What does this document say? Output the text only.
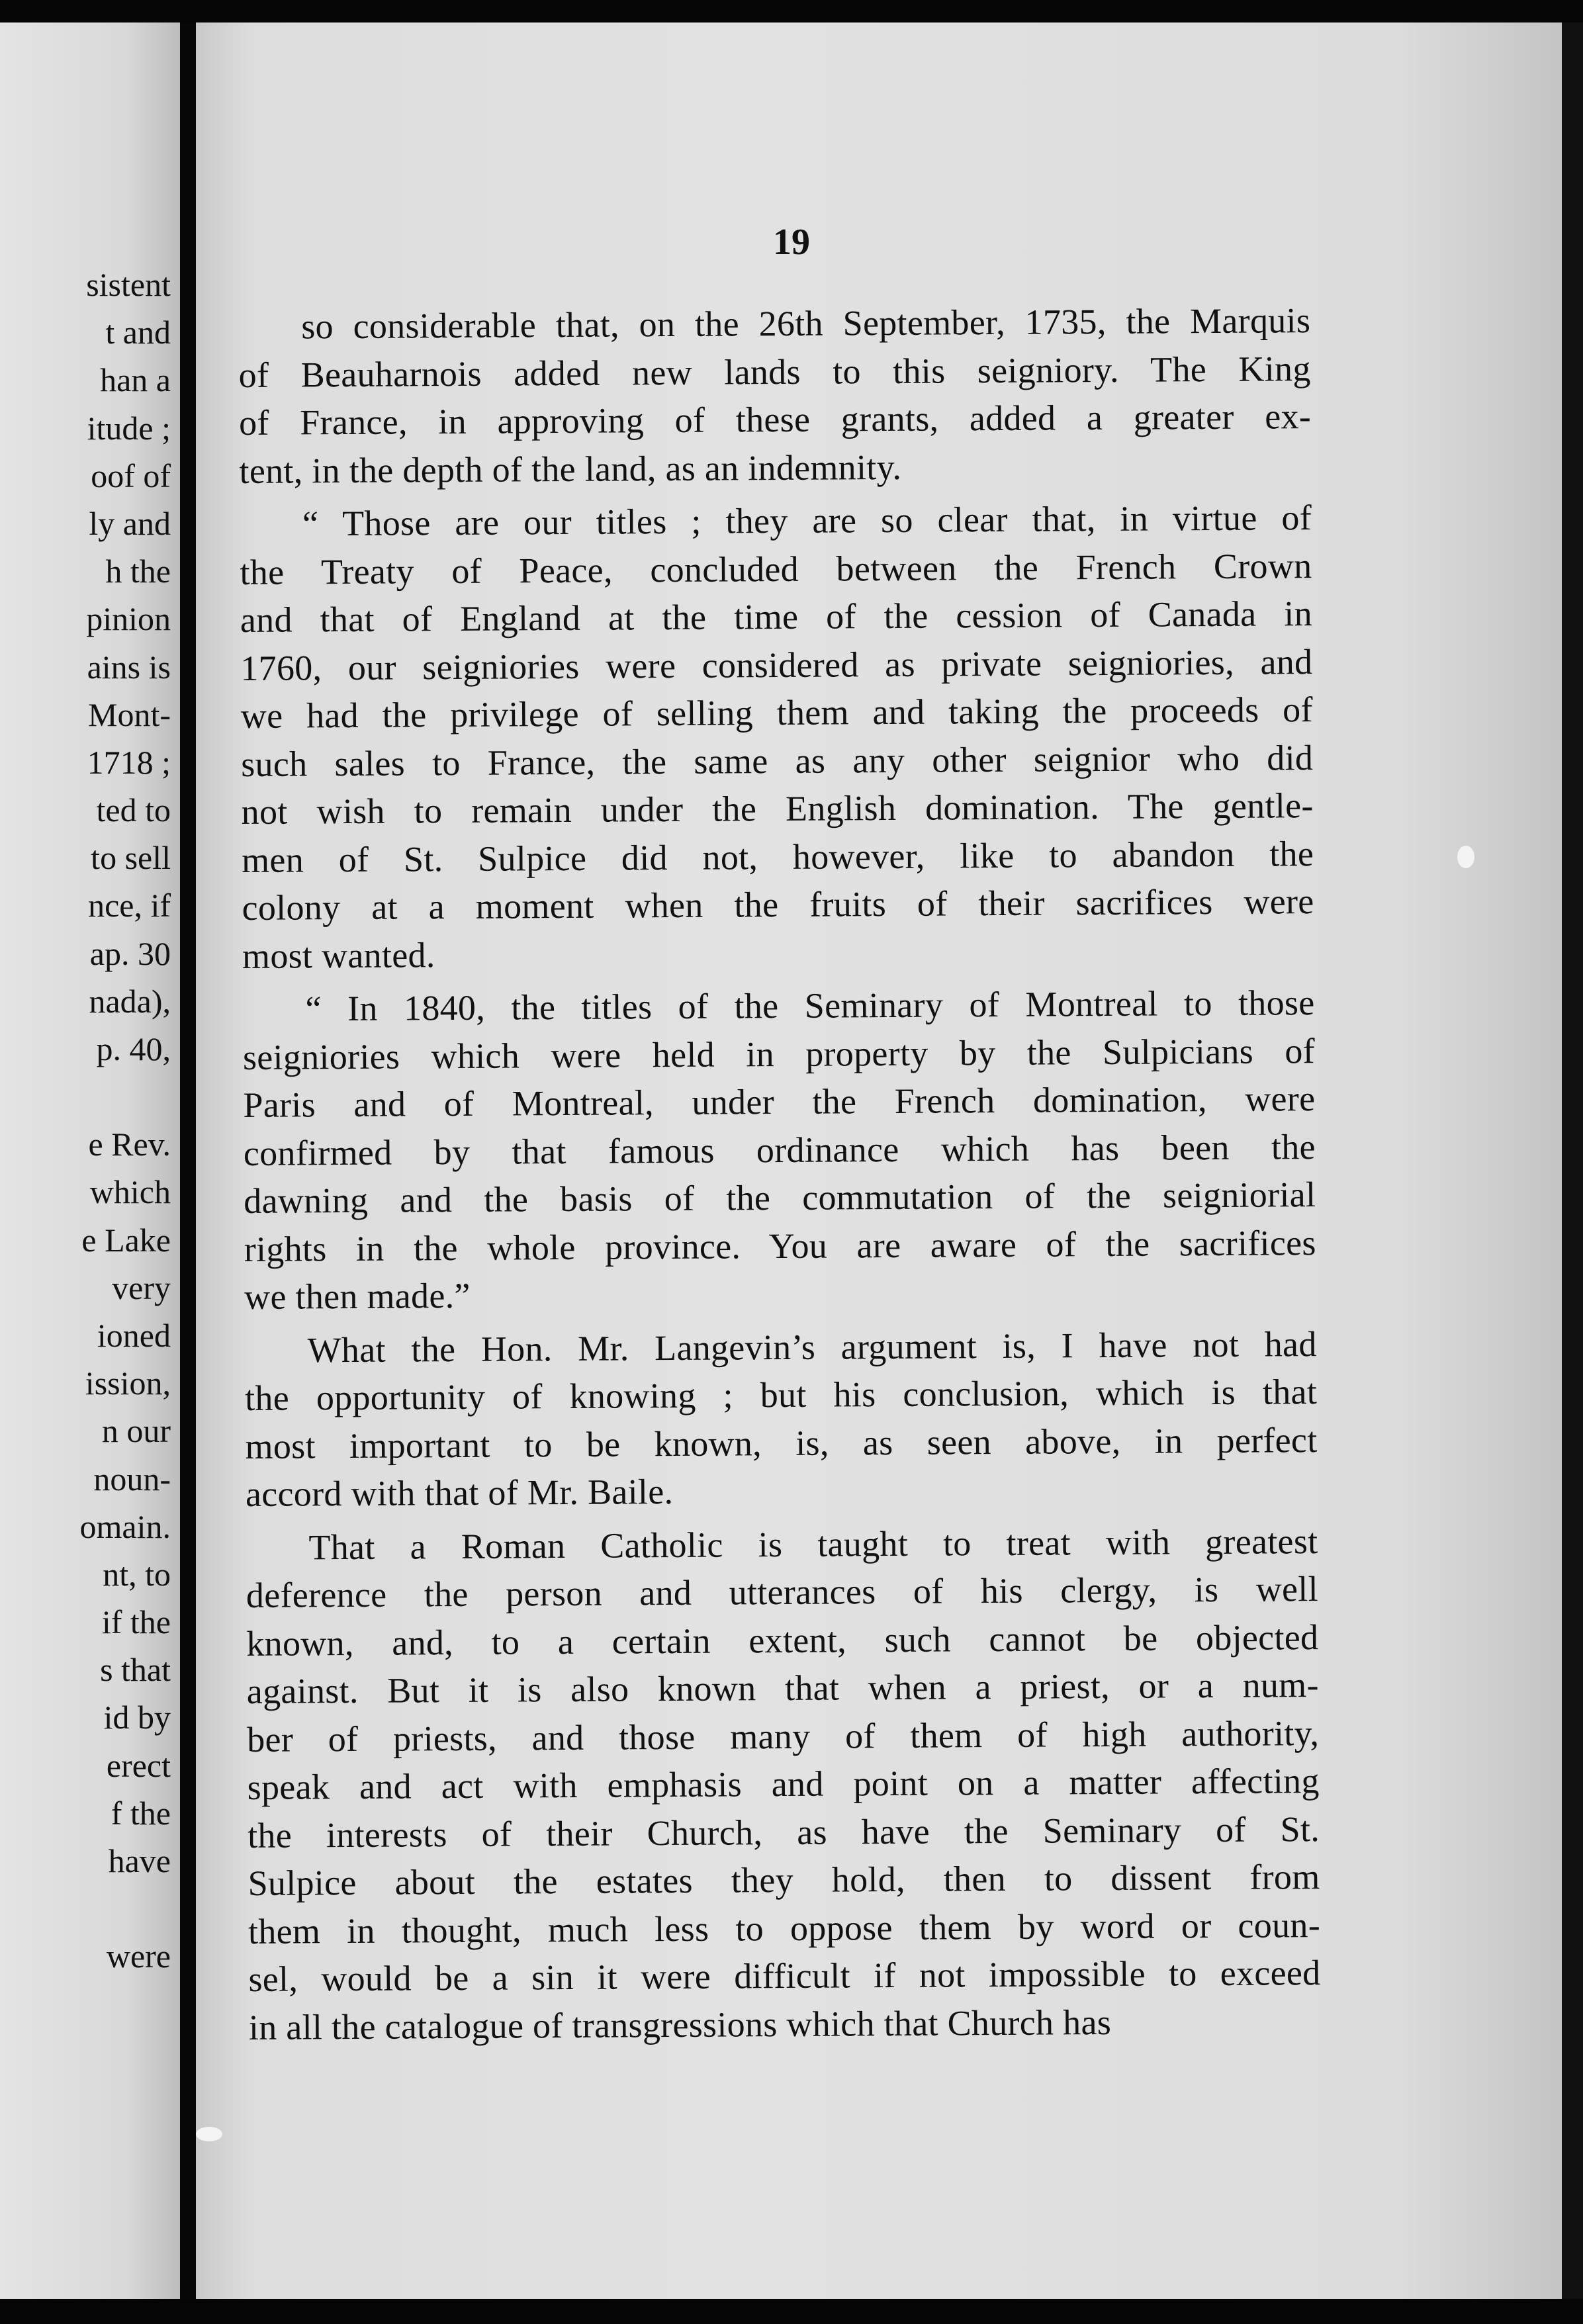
sistent
t and
han a
itude ;
oof of
ly and
h the
pinion
ains is
Mont-
1718 ;
ted to
to sell
nce, if
ap. 30
nada),
p. 40,
e Rev.
which
e Lake
very
ioned
ission,
n our
noun-
omain.
nt, to
if the
s that
id by
erect
f the
have
were
19
so considerable that, on the 26th September, 1735, the Marquis
of Beauharnois added new lands to this seigniory. The King
of France, in approving of these grants, added a greater ex-
tent, in the depth of the land, as an indemnity.
“ Those are our titles ; they are so clear that, in virtue of
the Treaty of Peace, concluded between the French Crown
and that of England at the time of the cession of Canada in
1760, our seigniories were considered as private seigniories, and
we had the privilege of selling them and taking the proceeds of
such sales to France, the same as any other seignior who did
not wish to remain under the English domination. The gentle-
men of St. Sulpice did not, however, like to abandon the
colony at a moment when the fruits of their sacrifices were
most wanted.
“ In 1840, the titles of the Seminary of Montreal to those
seigniories which were held in property by the Sulpicians of
Paris and of Montreal, under the French domination, were
confirmed by that famous ordinance which has been the
dawning and the basis of the commutation of the seigniorial
rights in the whole province. You are aware of the sacrifices
we then made.”
What the Hon. Mr. Langevin’s argument is, I have not had
the opportunity of knowing ; but his conclusion, which is that
most important to be known, is, as seen above, in perfect
accord with that of Mr. Baile.
That a Roman Catholic is taught to treat with greatest
deference the person and utterances of his clergy, is well
known, and, to a certain extent, such cannot be objected
against. But it is also known that when a priest, or a num-
ber of priests, and those many of them of high authority,
speak and act with emphasis and point on a matter affecting
the interests of their Church, as have the Seminary of St.
Sulpice about the estates they hold, then to dissent from
them in thought, much less to oppose them by word or coun-
sel, would be a sin it were difficult if not impossible to exceed
in all the catalogue of transgressions which that Church has
